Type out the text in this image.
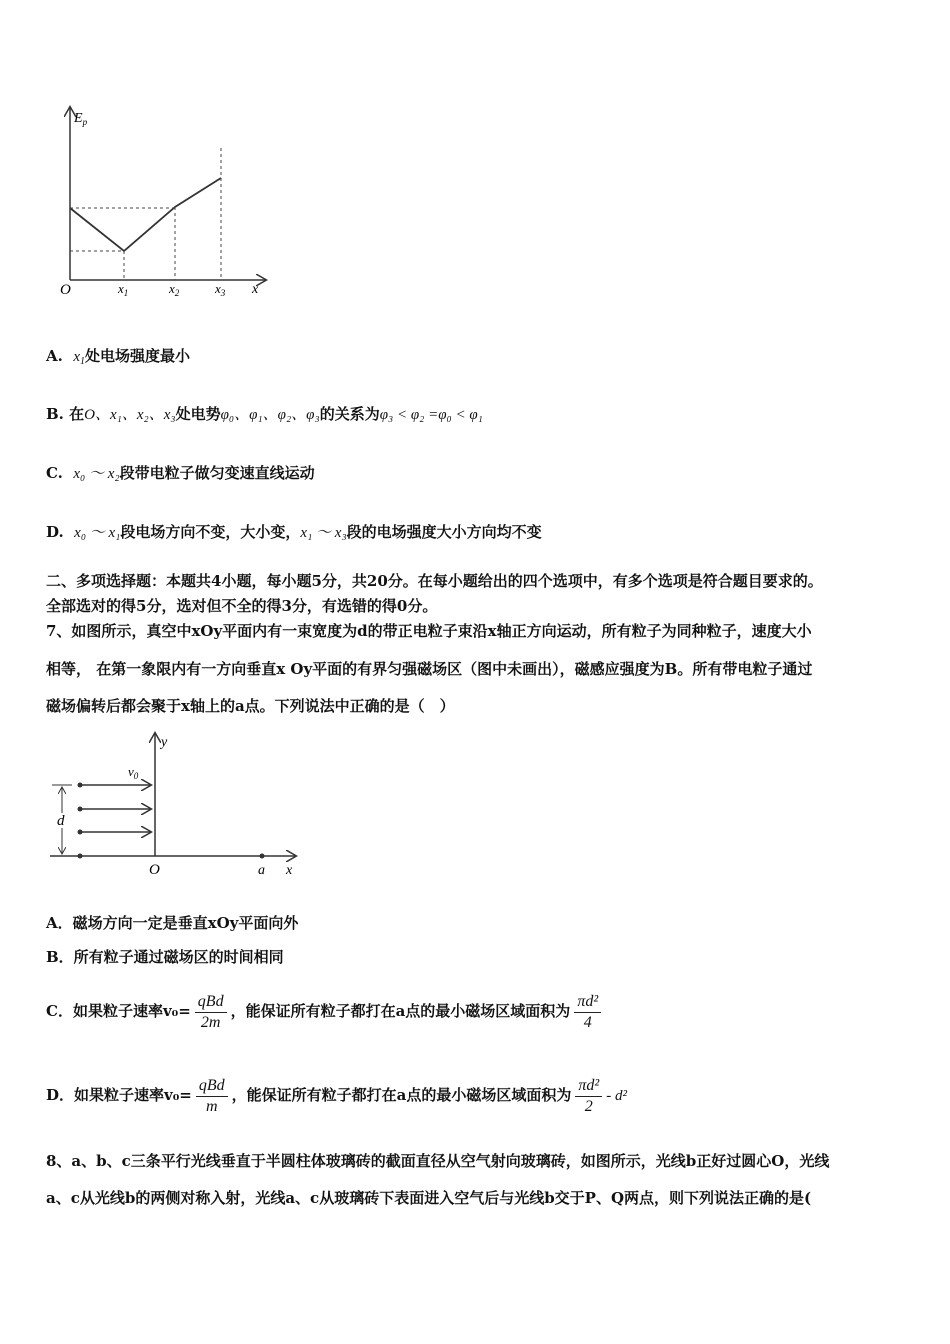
$E_p$
O	$x_1$	$x_2$	$x_3$ x
A. $x_1$处电场强度最小
B. 在O、x₁、x₂、x₃处电势φ₀、φ₁、φ₂、φ₃的关系为φ₃ < φ₂ =φ₀ < φ₁
C. x₀ ～ x₂段带电粒子做匀变速直线运动
D. x₀ ～ x₁段电场方向不变，大小变，x₁ ～ x₃段的电场强度大小方向均不变
二、多项选择题：本题共4小题，每小题5分，共20分。在每小题给出的四个选项中，有多个选项是符合题目要求的。
全部选对的得5分，选对但不全的得3分，有选错的得0分。
7、如图所示，真空中xOy平面内有一束宽度为d的带正电粒子束沿x轴正方向运动，所有粒子为同种粒子，速度大小
相等， 在第一象限内有一方向垂直x Oy平面的有界匀强磁场区（图中未画出），磁感应强度为B。所有带电粒子通过
磁场偏转后都会聚于x轴上的a点。下列说法中正确的是（　）
d
$v_0$
y
O	a x
A．磁场方向一定是垂直xOy平面向外
B．所有粒子通过磁场区的时间相同
C．如果粒子速率$v_0= \frac{\text{qBd}}{2m}$ ，能保证所有粒子都打在a点的最小磁场区域面积为 $\frac{\text{πd²}}{4}$
D．如果粒子速率$v_0= \frac{\text{qBd}}{m}$ ，能保证所有粒子都打在a点的最小磁场区域面积为 $\frac{\text{πd²}}{2} - d^2$
8、a、b、c三条平行光线垂直于半圆柱体玻璃砖的截面直径从空气射向玻璃砖，如图所示，光线b正好过圆心O，光线
a、c从光线b的两侧对称入射，光线a、c从玻璃砖下表面进入空气后与光线b交于P、Q两点，则下列说法正确的是(
